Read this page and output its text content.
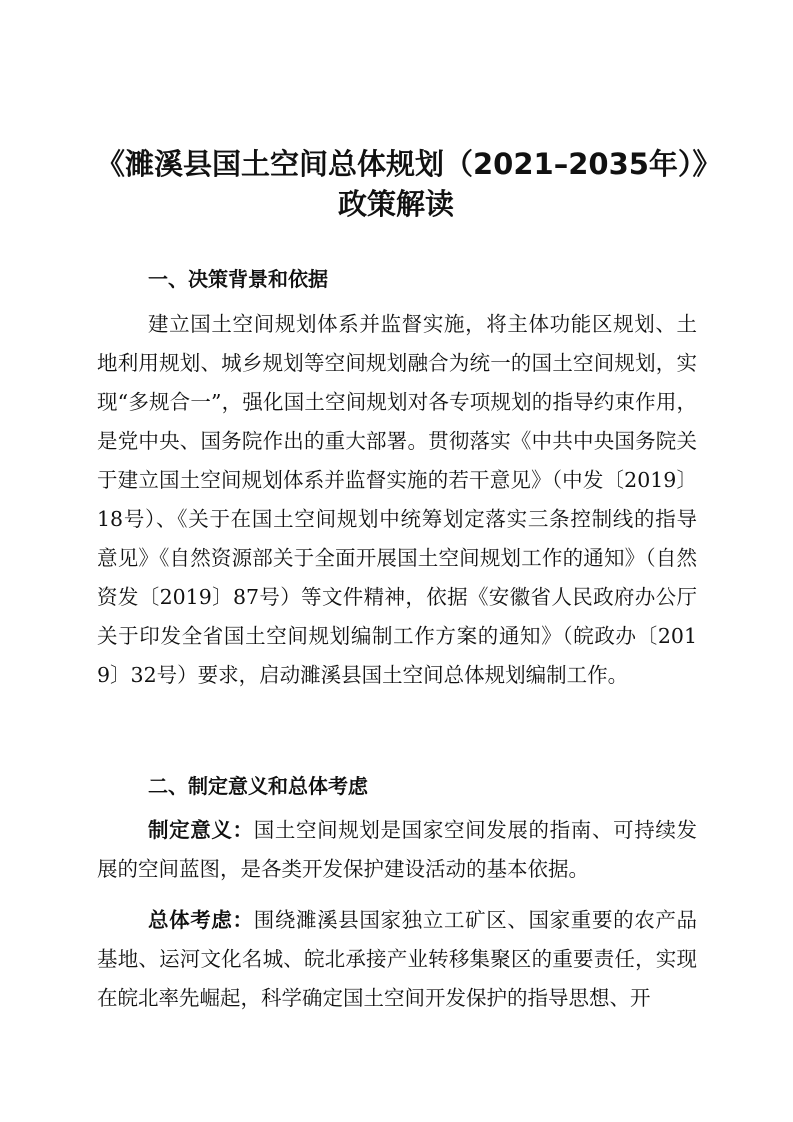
《濉溪县国土空间总体规划（2021–2035年）》
政策解读
一、决策背景和依据

建立国土空间规划体系并监督实施，将主体功能区规划、土地利用规划、城乡规划等空间规划融合为统一的国土空间规划，实现“多规合一”，强化国土空间规划对各专项规划的指导约束作用，是党中央、国务院作出的重大部署。贯彻落实《中共中央国务院关于建立国土空间规划体系并监督实施的若干意见》（中发〔2019〕18号）、《关于在国土空间规划中统筹划定落实三条控制线的指导意见》《自然资源部关于全面开展国土空间规划工作的通知》（自然资发〔2019〕87号）等文件精神，依据《安徽省人民政府办公厅关于印发全省国土空间规划编制工作方案的通知》（皖政办〔2019〕32号）要求，启动濉溪县国土空间总体规划编制工作。

二、制定意义和总体考虑

制定意义：国土空间规划是国家空间发展的指南、可持续发展的空间蓝图，是各类开发保护建设活动的基本依据。

总体考虑：围绕濉溪县国家独立工矿区、国家重要的农产品基地、运河文化名城、皖北承接产业转移集聚区的重要责任，实现在皖北率先崛起，科学确定国土空间开发保护的指导思想、开
